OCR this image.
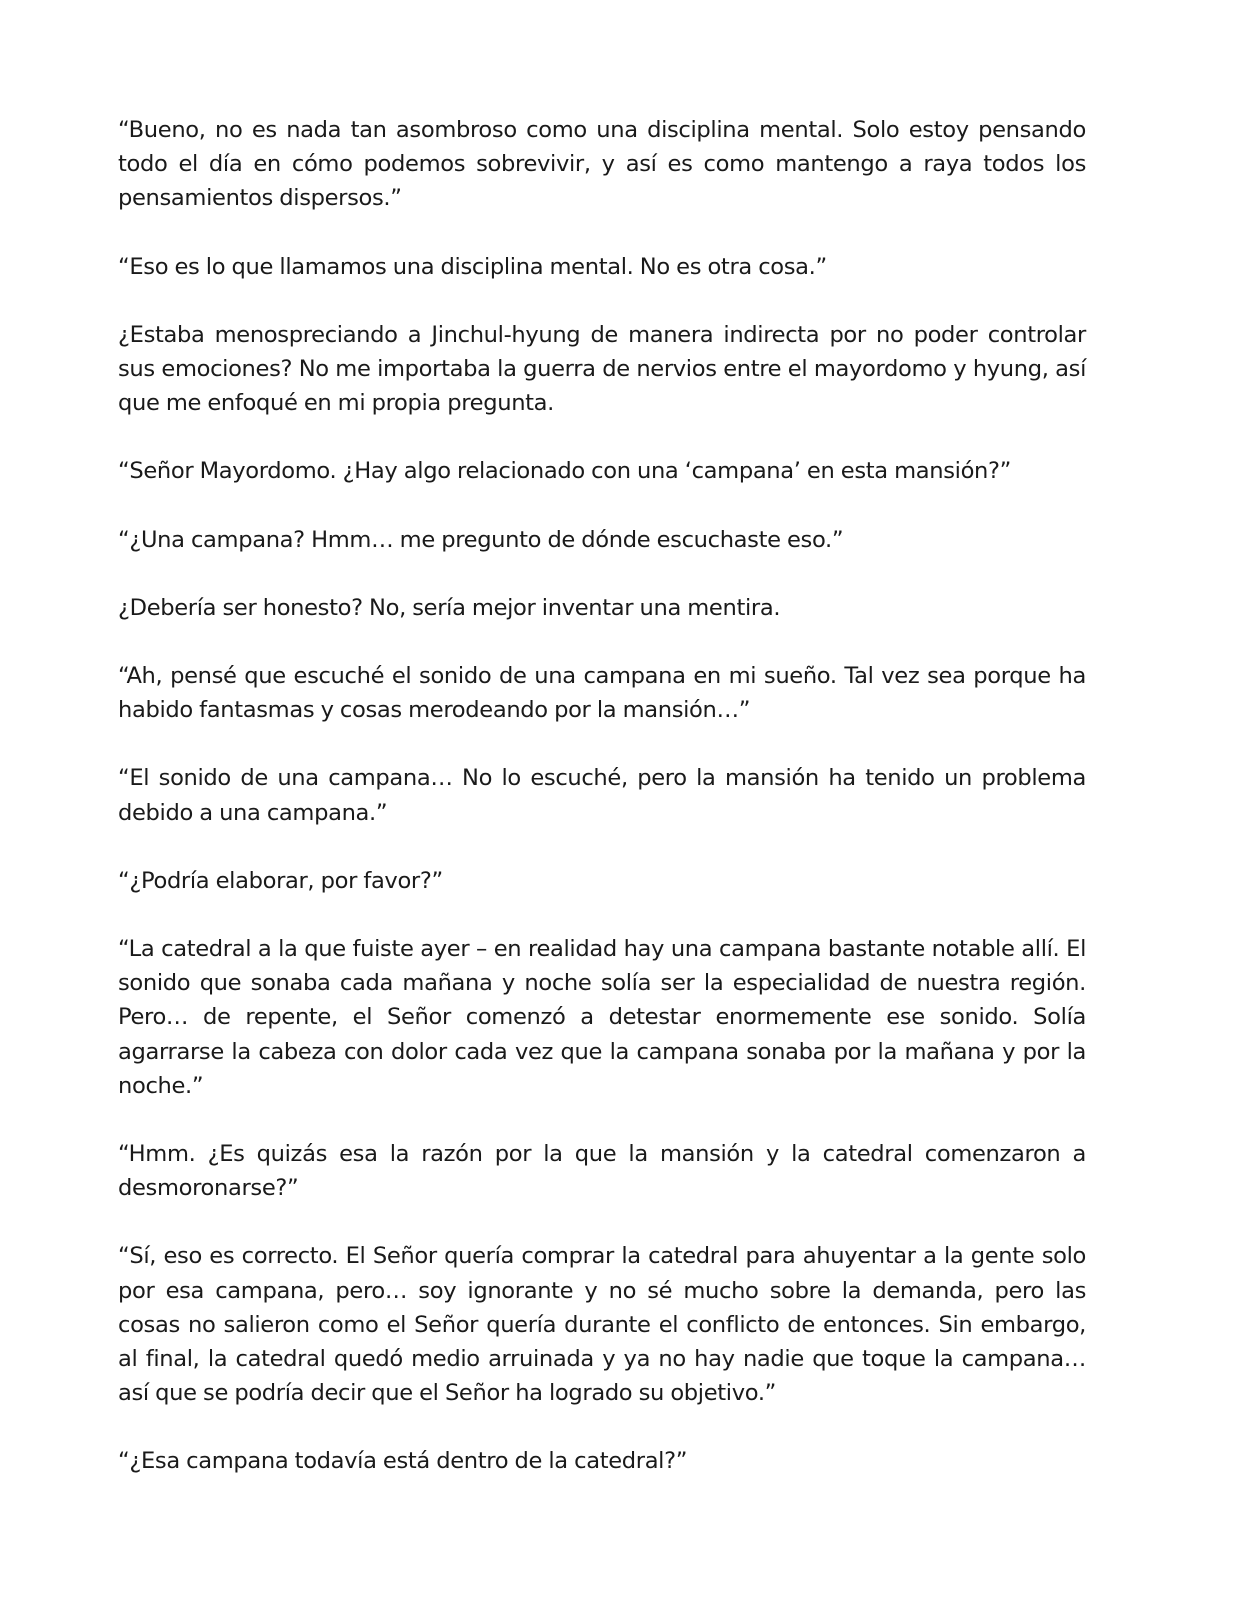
“Bueno, no es nada tan asombroso como una disciplina mental. Solo estoy pensando todo el día en cómo podemos sobrevivir, y así es como mantengo a raya todos los pensamientos dispersos.”

“Eso es lo que llamamos una disciplina mental. No es otra cosa.”

¿Estaba menospreciando a Jinchul-hyung de manera indirecta por no poder controlar sus emociones? No me importaba la guerra de nervios entre el mayordomo y hyung, así que me enfoqué en mi propia pregunta.

“Señor Mayordomo. ¿Hay algo relacionado con una ‘campana’ en esta mansión?”

“¿Una campana? Hmm… me pregunto de dónde escuchaste eso.”

¿Debería ser honesto? No, sería mejor inventar una mentira.

“Ah, pensé que escuché el sonido de una campana en mi sueño. Tal vez sea porque ha habido fantasmas y cosas merodeando por la mansión…”

“El sonido de una campana… No lo escuché, pero la mansión ha tenido un problema debido a una campana.”

“¿Podría elaborar, por favor?”

“La catedral a la que fuiste ayer – en realidad hay una campana bastante notable allí. El sonido que sonaba cada mañana y noche solía ser la especialidad de nuestra región. Pero… de repente, el Señor comenzó a detestar enormemente ese sonido. Solía agarrarse la cabeza con dolor cada vez que la campana sonaba por la mañana y por la noche.”

“Hmm. ¿Es quizás esa la razón por la que la mansión y la catedral comenzaron a desmoronarse?”

“Sí, eso es correcto. El Señor quería comprar la catedral para ahuyentar a la gente solo por esa campana, pero… soy ignorante y no sé mucho sobre la demanda, pero las cosas no salieron como el Señor quería durante el conflicto de entonces. Sin embargo, al final, la catedral quedó medio arruinada y ya no hay nadie que toque la campana… así que se podría decir que el Señor ha logrado su objetivo.”

“¿Esa campana todavía está dentro de la catedral?”
